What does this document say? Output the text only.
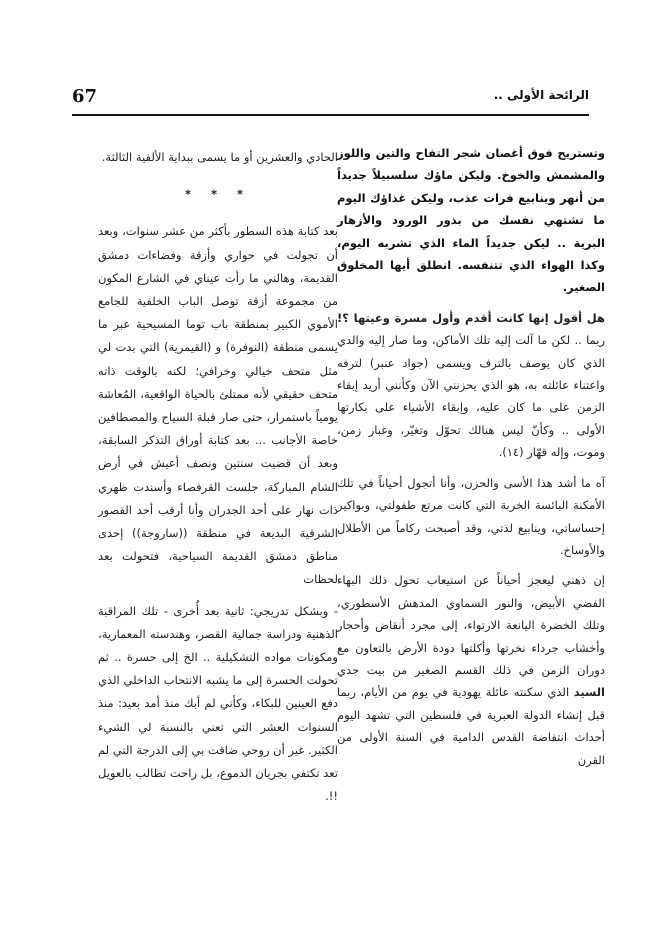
67	الرائحة الأولى ..

وتستريح فوق أغصان شجر التفاح والتين واللوز والمشمش والخوخ. وليكن ماؤك سلسبيلاً جديداً من أنهر وينابيع فرات عذب، وليكن غذاؤك اليوم ما تشتهي نفسك من بذور الورود والأزهار البرية .. ليكن جديداً الماء الذي تشربه اليوم، وكذا الهواء الذي تتنفسه. انطلق أيها المخلوق الصغير.

هل أقول إنها كانت أقدم وأول مسرة وعيتها ؟! ربما .. لكن ما آلت إليه تلك الأماكن، وما صار إليه والدي الذي كان يوصف بالترف ويسمى (جواد عنبر) لترفه واعتناء عائلته به، هو الذي يحزنني الآن وكأنني أريد إبقاء الزمن على ما كان عليه، وإبقاء الأشياء على بكارتها الأولى .. وكأنّ ليس هنالك تحوّل وتغيّر، وغبار زمن، وموت، وإله قهّار (١٤).

آه ما أشد هذا الأسى والحزن، وأنا أتجول أحياناً في تلك الأمكنة البائسة الخربة التي كانت مرتع طفولتي، وبواكير إحساساتي، وينابيع لذتي، وقد أصبحت ركاماً من الأطلال والأوساخ.

إن ذهني ليعجز أحياناً عن استيعاب تحول ذلك البهاء الفضي الأبيض، والنور السماوي المدهش الأسطوري، وتلك الخضرة اليانعة الارتواء، إلى مجرد أنقاض وأحجار وأخشاب جرداء نخرتها وأكلتها دودة الأرض بالتعاون مع دوران الزمن في ذلك القسم الصغير من بيت جدي السيد الذي سكنته عائلة يهودية في يوم من الأيام، ربما قبل إنشاء الدولة العبرية في فلسطين التي تشهد اليوم أحداث انتفاضة القدس الدامية في السنة الأولى من القرن

الحادي والعشرين أو ما يسمى ببداية الألفية الثالثة.

* * *

بعد كتابة هذه السطور بأكثر من عشر سنوات، وبعد أن تجولت في حواري وأزقة وفضاءات دمشق القديمة، وهالني ما رأت عيناي في الشارع المكون من مجموعة أزقة توصل الباب الخلفية للجامع الأموي الكبير بمنطقة باب توما المسيحية عبر ما يسمى منطقة (النوفرة) و (القيمرية) التي بدت لي مثل متحف خيالي وخرافي؛ لكنه بالوقت ذاته متحف حقيقي لأنه ممتلئ بالحياة الواقعية، المُعاشة يومياً باستمرار، حتى صار قبلة السياح والمصطافين خاصة الأجانب ... بعد كتابة أوراق التذكر السابقة، وبعد أن قضيت سنتين ونصف أعيش في أرض الشام المباركة، جلست القرفصاء وأسندت ظهري ذات نهار على أحد الجدران وأنا أرقب أحد القصور الشرقية البديعة في منطقة ((ساروجة)) إحدى مناطق دمشق القديمة السياحية، فتحولت بعد لحظات

- وبشكل تدريجي: ثانية بعد أُخرى - تلك المراقبة الذهنية ودراسة جمالية القصر، وهندسته المعمارية، ومكونات مواده التشكيلية .. الخ إلى حسرة .. ثم تحولت الحسرة إلى ما يشبه الانتحاب الداخلي الذي دفع العينين للبكاء، وكأني لم أبك منذ أمد بعيد: منذ السنوات العشر التي تعني بالنسبة لي الشيء الكثير. غير أن روحي ضاقت بي إلى الدرجة التي لم تعد تكتفي بجريان الدموع، بل راحت تطالب بالعويل !!.
